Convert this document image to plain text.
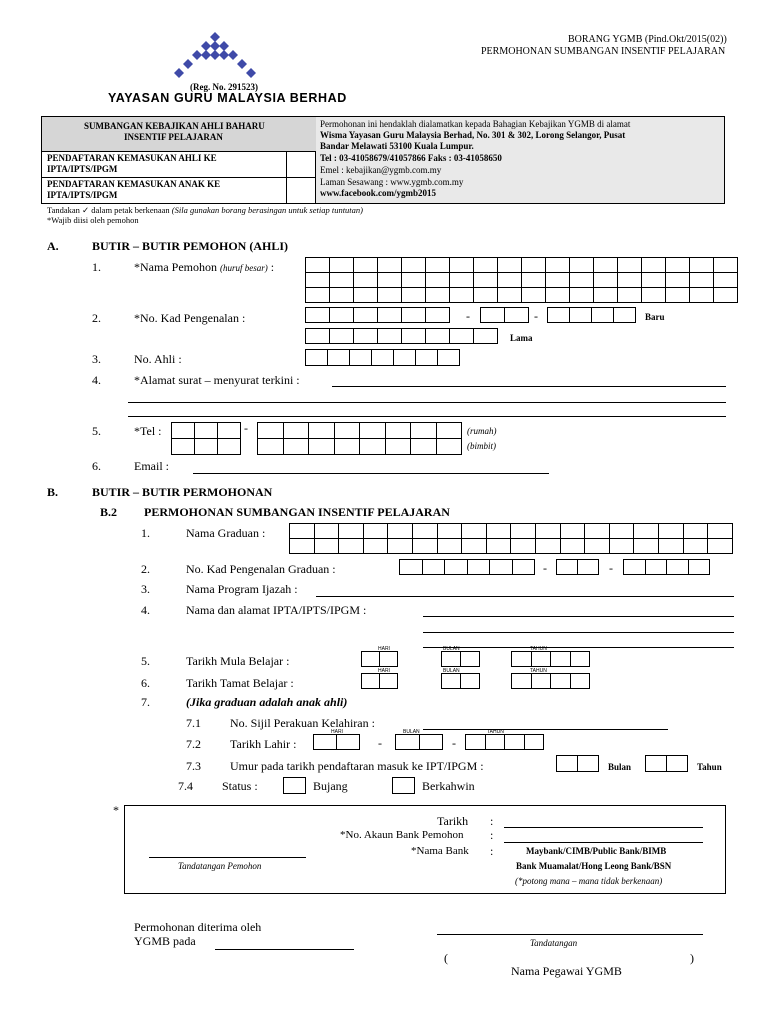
(Reg. No. 291523)
YAYASAN GURU MALAYSIA BERHAD
BORANG YGMB (Pind.Okt/2015(02))
PERMOHONAN SUMBANGAN INSENTIF PELAJARAN
SUMBANGAN KEBAJIKAN AHLI BAHARU
INSENTIF PELAJARAN
PENDAFTARAN KEMASUKAN AHLI KE
IPTA/IPTS/IPGM
PENDAFTARAN KEMASUKAN ANAK KE
IPTA/IPTS/IPGM
Permohonan ini hendaklah dialamatkan kepada Bahagian Kebajikan YGMB di alamat
Wisma Yayasan Guru Malaysia Berhad, No. 301 & 302, Lorong Selangor, Pusat
Bandar Melawati 53100 Kuala Lumpur.
Tel : 03-41058679/41057866 Faks : 03-41058650
Emel : kebajikan@ygmb.com.my
Laman Sesawang : www.ygmb.com.my
www.facebook.com/ygmb2015
Tandakan ✓ dalam petak berkenaan (Sila gunakan borang berasingan untuk setiap tuntutan)
*Wajib diisi oleh pemohon
A.	BUTIR – BUTIR PEMOHON (AHLI)
1.	*Nama Pemohon (huruf besar) :
2.	*No. Kad Pengenalan :	-	-	Baru
Lama
3.	No. Ahli :
4.	*Alamat surat – menyurat terkini :
5.	*Tel :	-	(rumah)
(bimbit)
6.	Email :
B.	BUTIR – BUTIR PERMOHONAN
B.2 PERMOHONAN SUMBANGAN INSENTIF PELAJARAN
1.	Nama Graduan :
2.	No. Kad Pengenalan Graduan :	-	-
3.	Nama Program Ijazah :
4.	Nama dan alamat IPTA/IPTS/IPGM :
5.	Tarikh Mula Belajar :
HARI	BULAN	TAHUN
6.	Tarikh Tamat Belajar :
HARI	BULAN	TAHUN
7.	(Jika graduan adalah anak ahli)
7.1 No. Sijil Perakuan Kelahiran :
7.2 Tarikh Lahir :
HARI	BULAN	TAHUN
-	-
7.3 Umur pada tarikh pendaftaran masuk ke IPT/IPGM :	Bulan	Tahun
7.4 Status :	Bujang	Berkahwin
*
Tarikh :
*No. Akaun Bank Pemohon :
*Nama Bank :	Maybank/CIMB/Public Bank/BIMB
Bank Muamalat/Hong Leong Bank/BSN
(*potong mana – mana tidak berkenaan)
Tandatangan Pemohon
Permohonan diterima oleh
YGMB pada	Tandatangan
(	)
Nama Pegawai YGMB
